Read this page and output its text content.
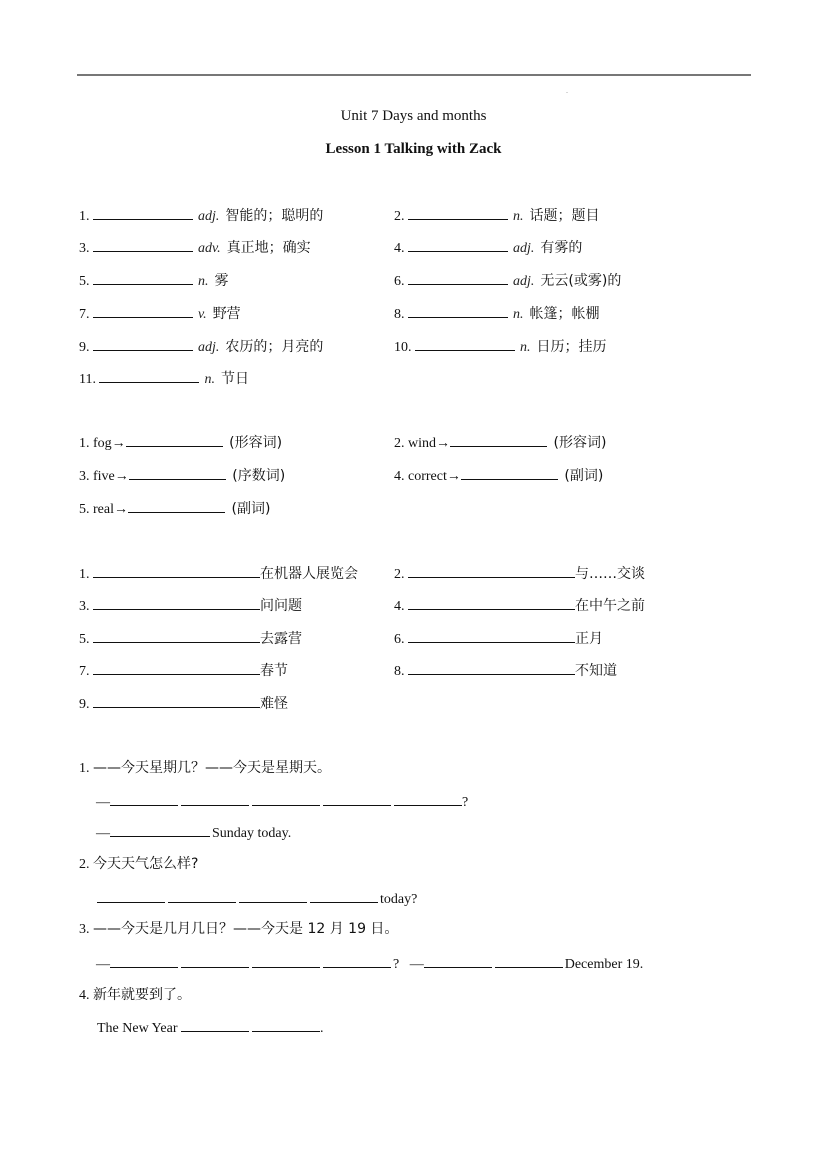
.
Unit 7 Days and months
Lesson 1 Talking with Zack
1.	adj. 智能的；聪明的	2.	n. 话题；题目
3.	adv. 真正地；确实	4.	adj. 有雾的
5.	n. 雾	6.	adj. 无云(或雾)的
7.	v. 野营	8.	n. 帐篷；帐棚
9.	adj. 农历的；月亮的	10.	n. 日历；挂历
11.	n. 节日
1. fog→	(形容词)	2. wind→	(形容词)
3. five→	(序数词)	4. correct→	(副词)
5. real→	(副词)
1.	在机器人展览会	2.	与……交谈
3.	问问题	4.	在中午之前
5.	去露营	6.	正月
7.	春节	8.	不知道
9.	难怪
1. ——今天星期几？——今天是星期天。
—	?
—	Sunday today.
2. 今天天气怎么样?
today?
3. ——今天是几月几日？——今天是 12 月 19 日。
—	? —	December 19.
4. 新年就要到了。
The New Year	.
